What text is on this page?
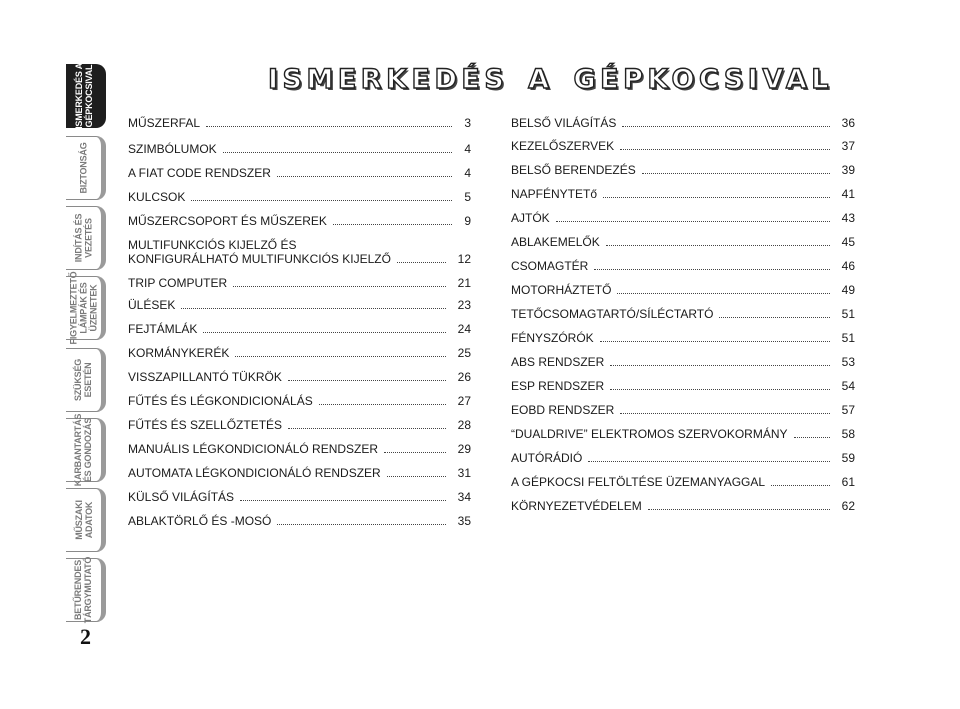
ISMERKEDÉS A
GÉPKOCSIVAL
BIZTONSÁG
INDÍTÁS ÉS
VEZETÉS
FIGYELMEZTETŐ
LÁMPÁK ÉS
ÜZENETEK
SZÜKSÉG
ESETÉN
KARBANTARTÁS
ÉS GONDOZÁS
MŰSZAKI
ADATOK
BETŰRENDES
TÁRGYMUTATÓ
2
ISMERKEDÉS A GÉPKOCSIVAL
MŰSZERFAL	3
SZIMBÓLUMOK	4
A FIAT CODE RENDSZER	4
KULCSOK	5
MŰSZERCSOPORT ÉS MŰSZEREK	9
MULTIFUNKCIÓS KIJELZŐ ÉS
KONFIGURÁLHATÓ MULTIFUNKCIÓS KIJELZŐ	12
TRIP COMPUTER	21
ÜLÉSEK	23
FEJTÁMLÁK	24
KORMÁNYKERÉK	25
VISSZAPILLANTÓ TÜKRÖK	26
FŰTÉS ÉS LÉGKONDICIONÁLÁS	27
FŰTÉS ÉS SZELLŐZTETÉS	28
MANUÁLIS LÉGKONDICIONÁLÓ RENDSZER	29
AUTOMATA LÉGKONDICIONÁLÓ RENDSZER	31
KÜLSŐ VILÁGÍTÁS	34
ABLAKTÖRLŐ ÉS -MOSÓ	35
BELSŐ VILÁGÍTÁS	36
KEZELŐSZERVEK	37
BELSŐ BERENDEZÉS	39
NAPFÉNYTETő	41
AJTÓK	43
ABLAKEMELŐK	45
CSOMAGTÉR	46
MOTORHÁZTETŐ	49
TETŐCSOMAGTARTÓ/SÍLÉCTARTÓ	51
FÉNYSZÓRÓK	51
ABS RENDSZER	53
ESP RENDSZER	54
EOBD RENDSZER	57
“DUALDRIVE” ELEKTROMOS SZERVOKORMÁNY	58
AUTÓRÁDIÓ	59
A GÉPKOCSI FELTÖLTÉSE ÜZEMANYAGGAL	61
KÖRNYEZETVÉDELEM	62
